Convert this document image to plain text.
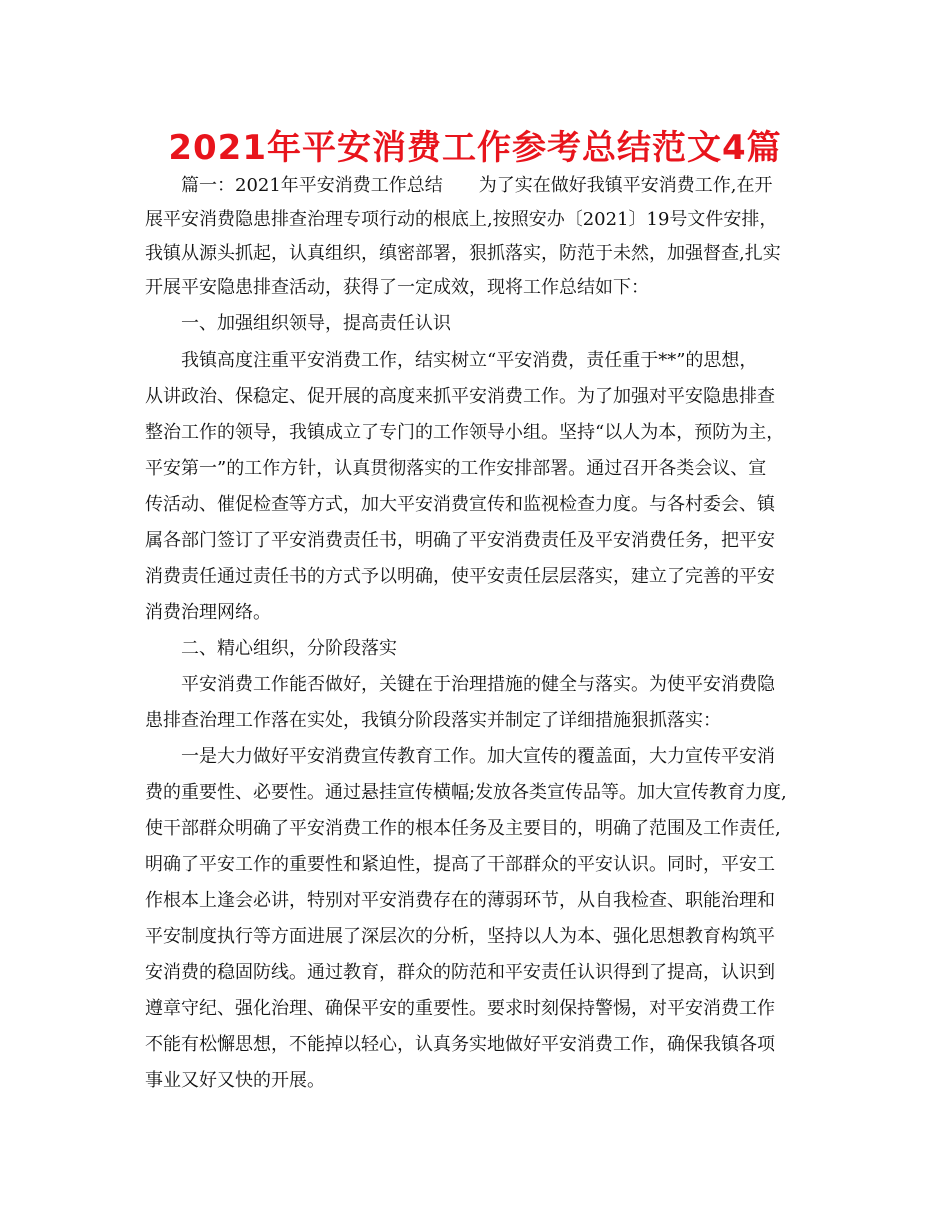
2021年平安消费工作参考总结范文4篇

篇一：2021年平安消费工作总结　　为了实在做好我镇平安消费工作,在开

展平安消费隐患排查治理专项行动的根底上,按照安办〔2021〕19号文件安排，

我镇从源头抓起，认真组织，缜密部署，狠抓落实，防范于未然，加强督查,扎实

开展平安隐患排查活动，获得了一定成效，现将工作总结如下：

一、加强组织领导，提高责任认识

我镇高度注重平安消费工作，结实树立“平安消费，责任重于**”的思想，

从讲政治、保稳定、促开展的高度来抓平安消费工作。为了加强对平安隐患排查

整治工作的领导，我镇成立了专门的工作领导小组。坚持“以人为本，预防为主，

平安第一”的工作方针，认真贯彻落实的工作安排部署。通过召开各类会议、宣

传活动、催促检查等方式，加大平安消费宣传和监视检查力度。与各村委会、镇

属各部门签订了平安消费责任书，明确了平安消费责任及平安消费任务，把平安

消费责任通过责任书的方式予以明确，使平安责任层层落实，建立了完善的平安

消费治理网络。

二、精心组织，分阶段落实

平安消费工作能否做好，关键在于治理措施的健全与落实。为使平安消费隐

患排查治理工作落在实处，我镇分阶段落实并制定了详细措施狠抓落实：

一是大力做好平安消费宣传教育工作。加大宣传的覆盖面，大力宣传平安消

费的重要性、必要性。通过悬挂宣传横幅;发放各类宣传品等。加大宣传教育力度,

使干部群众明确了平安消费工作的根本任务及主要目的，明确了范围及工作责任,

明确了平安工作的重要性和紧迫性，提高了干部群众的平安认识。同时，平安工

作根本上逢会必讲，特别对平安消费存在的薄弱环节，从自我检查、职能治理和

平安制度执行等方面进展了深层次的分析，坚持以人为本、强化思想教育构筑平

安消费的稳固防线。通过教育，群众的防范和平安责任认识得到了提高，认识到

遵章守纪、强化治理、确保平安的重要性。要求时刻保持警惕，对平安消费工作

不能有松懈思想，不能掉以轻心，认真务实地做好平安消费工作，确保我镇各项

事业又好又快的开展。
